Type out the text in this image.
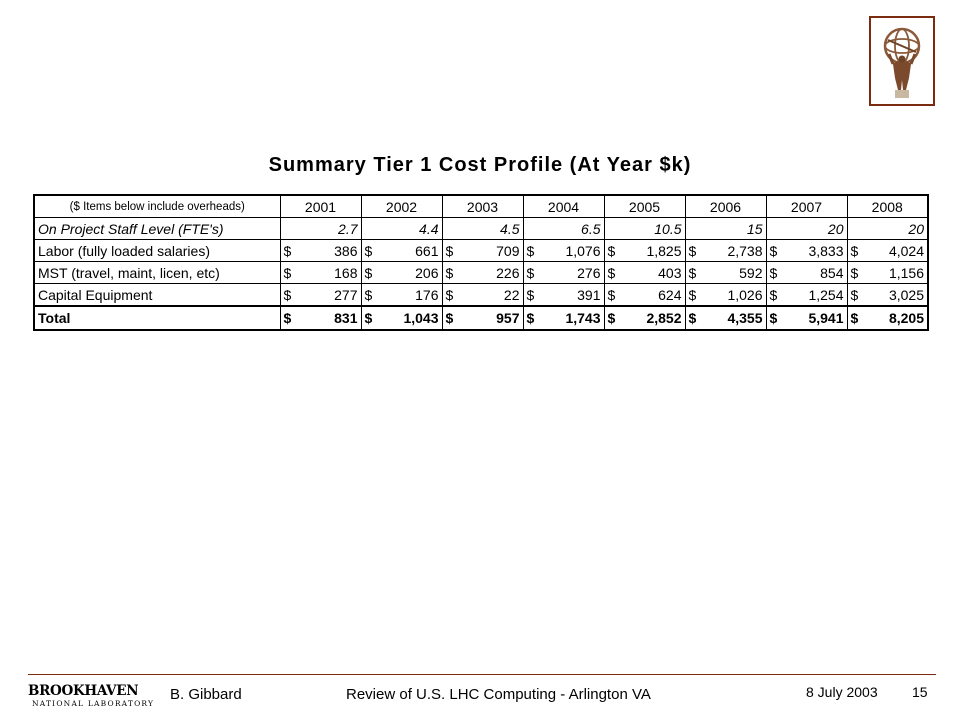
Summary Tier 1 Cost Profile (At Year $k)
($ Items below include overheads)	2001	2002	2003	2004	2005	2006	2007	2008
On Project Staff Level (FTE's)	2.7	4.4	4.5	6.5	10.5	15	20	20
Labor (fully loaded salaries)	$ 386	$ 661	$ 709	$ 1,076	$ 1,825	$ 2,738	$ 3,833	$ 4,024

MST (travel, maint, licen, etc)	$ 168	$ 206	$ 226	$ 276	$ 403	$ 592	$ 854	$ 1,156

Capital Equipment	$ 277	$ 176	$ 22	$ 391	$ 624	$ 1,026	$ 1,254	$ 3,025

Total	$ 831	$ 1,043	$ 957	$ 1,743	$ 2,852	$ 4,355	$ 5,941	$ 8,205
BROOKHAVEN
NATIONAL LABORATORY
B. Gibbard	Review of U.S. LHC Computing - Arlington VA	8 July 2003 15
